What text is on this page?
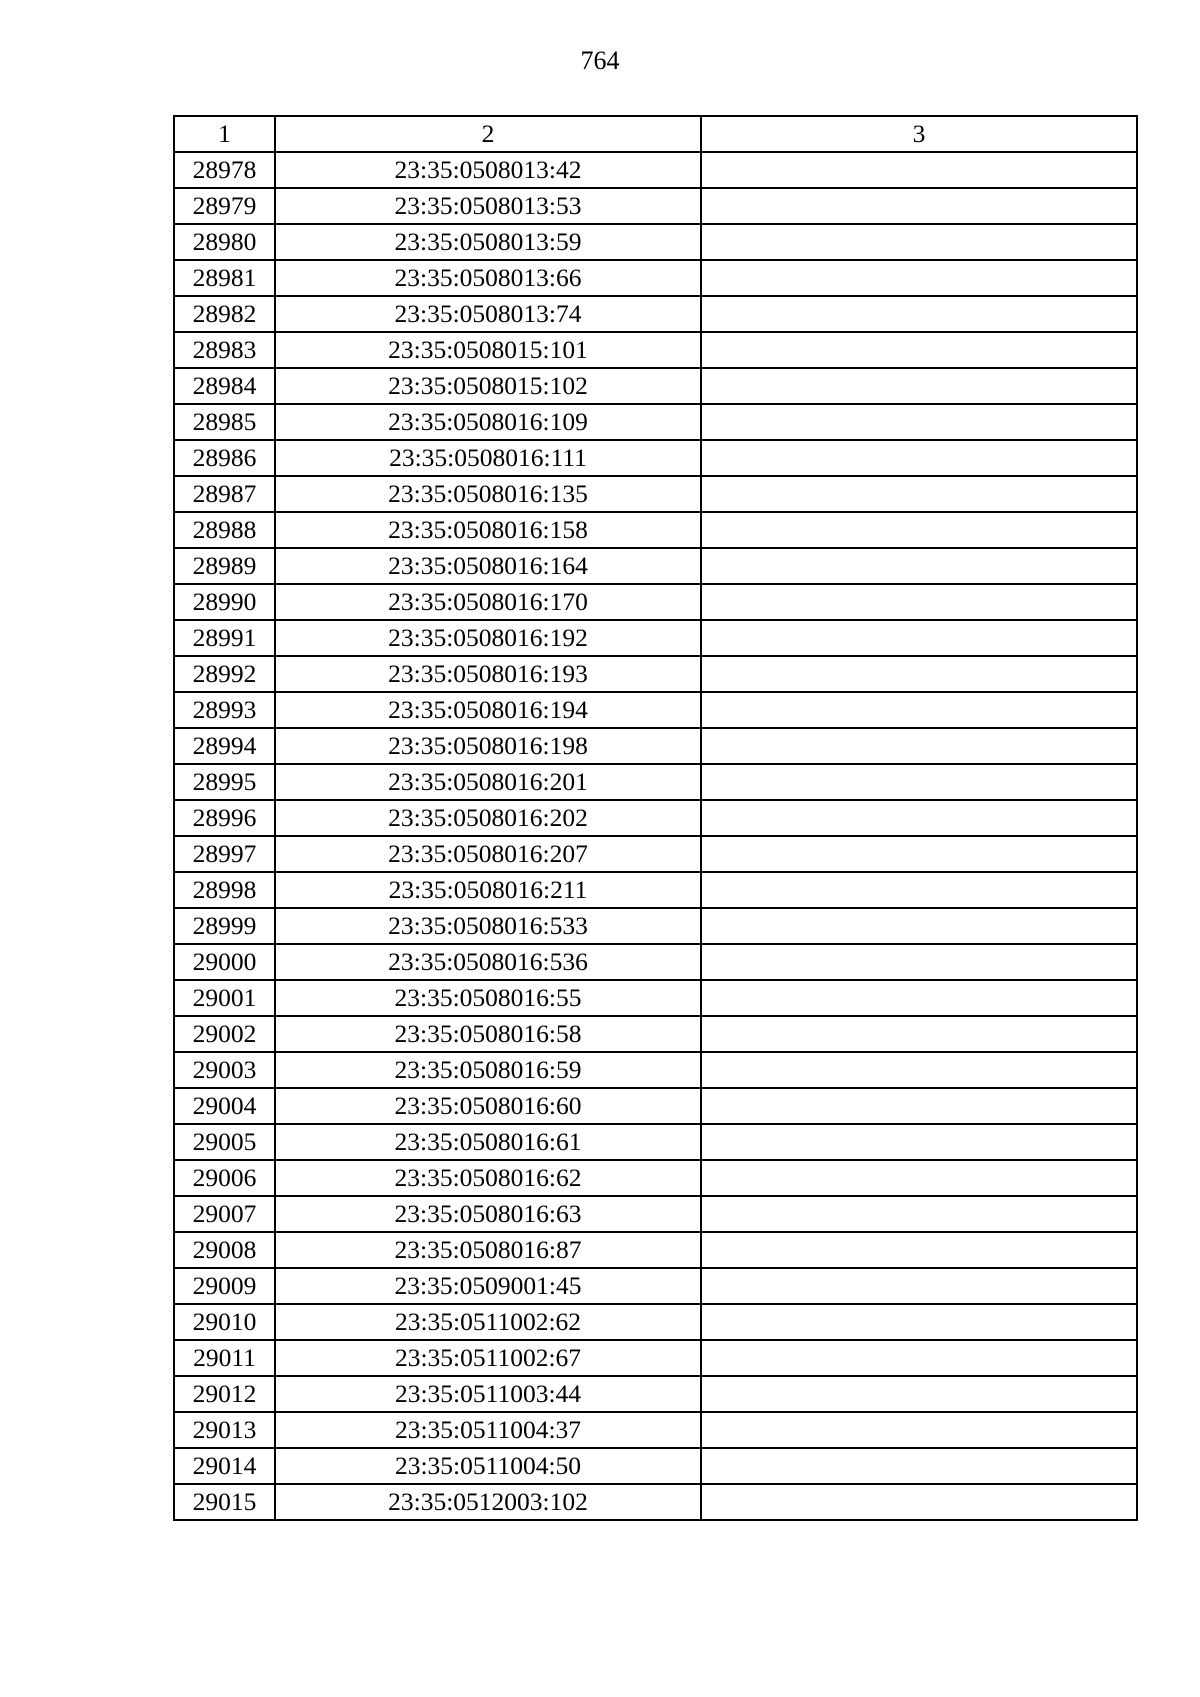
764
1	2	3
28978	23:35:0508013:42	
28979	23:35:0508013:53	
28980	23:35:0508013:59	
28981	23:35:0508013:66	
28982	23:35:0508013:74	
28983	23:35:0508015:101	
28984	23:35:0508015:102	
28985	23:35:0508016:109	
28986	23:35:0508016:111	
28987	23:35:0508016:135	
28988	23:35:0508016:158	
28989	23:35:0508016:164	
28990	23:35:0508016:170	
28991	23:35:0508016:192	
28992	23:35:0508016:193	
28993	23:35:0508016:194	
28994	23:35:0508016:198	
28995	23:35:0508016:201	
28996	23:35:0508016:202	
28997	23:35:0508016:207	
28998	23:35:0508016:211	
28999	23:35:0508016:533	
29000	23:35:0508016:536	
29001	23:35:0508016:55	
29002	23:35:0508016:58	
29003	23:35:0508016:59	
29004	23:35:0508016:60	
29005	23:35:0508016:61	
29006	23:35:0508016:62	
29007	23:35:0508016:63	
29008	23:35:0508016:87	
29009	23:35:0509001:45	
29010	23:35:0511002:62	
29011	23:35:0511002:67	
29012	23:35:0511003:44	
29013	23:35:0511004:37	
29014	23:35:0511004:50	
29015	23:35:0512003:102	
